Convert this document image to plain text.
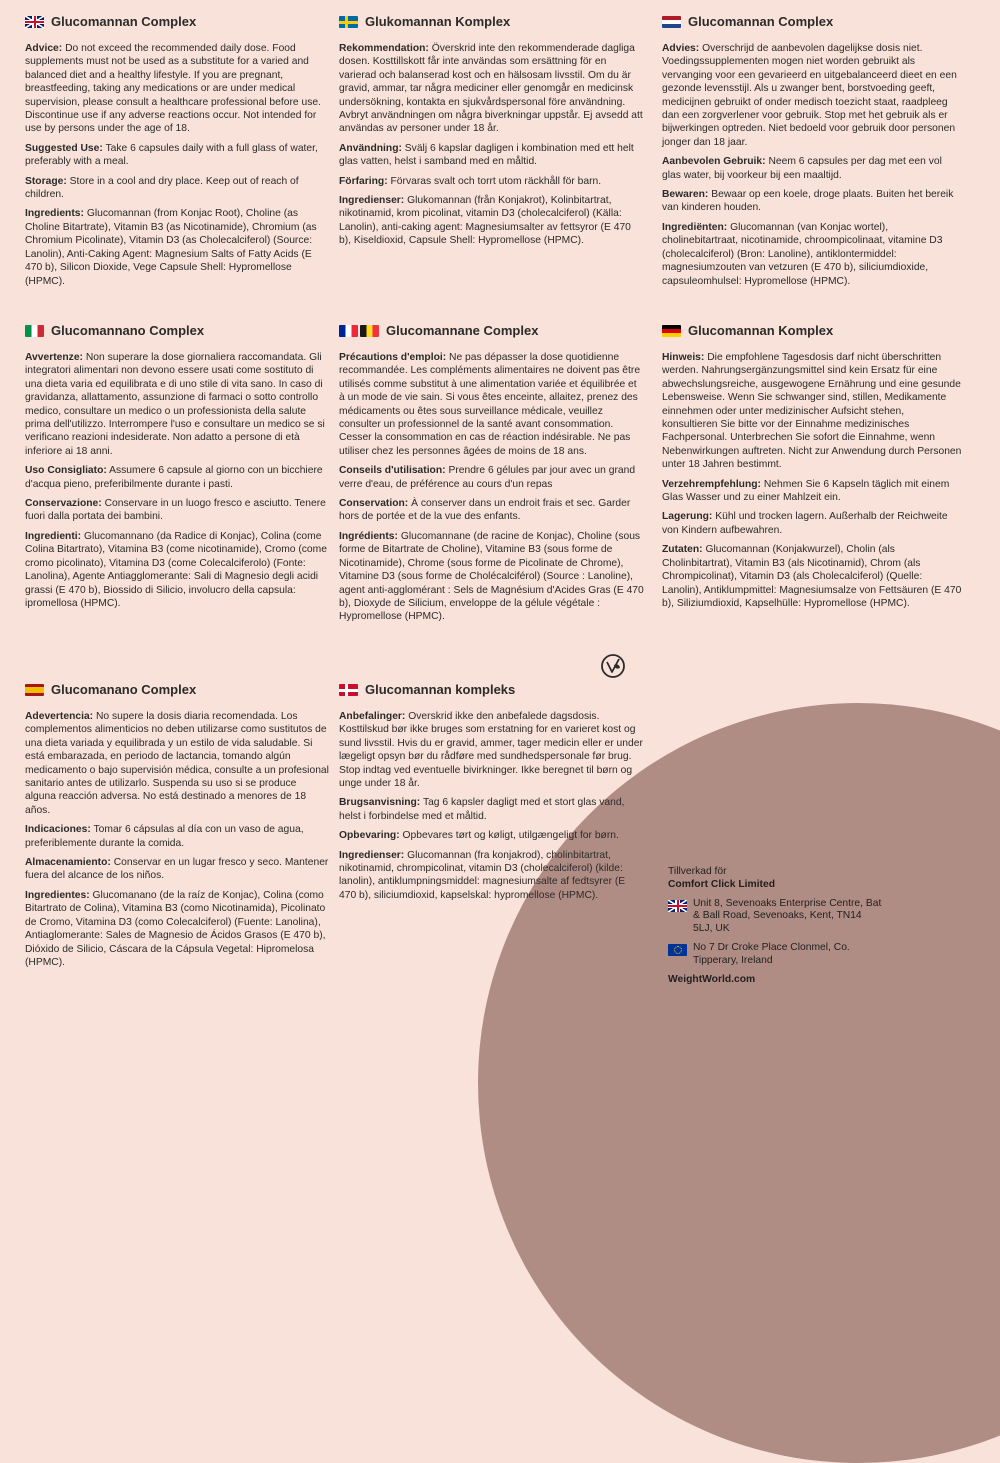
Glucomannan Complex

Advice: Do not exceed the recommended daily dose. Food supplements must not be used as a substitute for a varied and balanced diet and a healthy lifestyle. If you are pregnant, breastfeeding, taking any medications or are under medical supervision, please consult a healthcare professional before use. Discontinue use if any adverse reactions occur. Not intended for use by persons under the age of 18.

Suggested Use: Take 6 capsules daily with a full glass of water, preferably with a meal.

Storage: Store in a cool and dry place. Keep out of reach of children.

Ingredients: Glucomannan (from Konjac Root), Choline (as Choline Bitartrate), Vitamin B3 (as Nicotinamide), Chromium (as Chromium Picolinate), Vitamin D3 (as Cholecalciferol) (Source: Lanolin), Anti-Caking Agent: Magnesium Salts of Fatty Acids (E 470 b), Silicon Dioxide, Vege Capsule Shell: Hypromellose (HPMC).

Glukomannan Komplex

Rekommendation: Överskrid inte den rekommenderade dagliga dosen. Kosttillskott får inte användas som ersättning för en varierad och balanserad kost och en hälsosam livsstil. Om du är gravid, ammar, tar några mediciner eller genomgår en medicinsk undersökning, kontakta en sjukvårdspersonal före användning. Avbryt användningen om några biverkningar uppstår. Ej avsedd att användas av personer under 18 år.

Användning: Svälj 6 kapslar dagligen i kombination med ett helt glas vatten, helst i samband med en måltid.

Förfaring: Förvaras svalt och torrt utom räckhåll för barn.

Ingredienser: Glukomannan (från Konjakrot), Kolinbitartrat, nikotinamid, krom picolinat, vitamin D3 (cholecalciferol) (Källa: Lanolin), anti-caking agent: Magnesiumsalter av fettsyror (E 470 b), Kiseldioxid, Capsule Shell: Hypromellose (HPMC).

Glucomannan Complex

Advies: Overschrijd de aanbevolen dagelijkse dosis niet. Voedingssupplementen mogen niet worden gebruikt als vervanging voor een gevarieerd en uitgebalanceerd dieet en een gezonde levensstijl. Als u zwanger bent, borstvoeding geeft, medicijnen gebruikt of onder medisch toezicht staat, raadpleeg dan een zorgverlener voor gebruik. Stop met het gebruik als er bijwerkingen optreden. Niet bedoeld voor gebruik door personen jonger dan 18 jaar.

Aanbevolen Gebruik: Neem 6 capsules per dag met een vol glas water, bij voorkeur bij een maaltijd.

Bewaren: Bewaar op een koele, droge plaats. Buiten het bereik van kinderen houden.

Ingrediënten: Glucomannan (van Konjac wortel), cholinebitartraat, nicotinamide, chroompicolinaat, vitamine D3 (cholecalciferol) (Bron: Lanoline), antiklontermiddel: magnesiumzouten van vetzuren (E 470 b), siliciumdioxide, capsuleomhulsel: Hypromellose (HPMC).

Glucomannano Complex

Avvertenze: Non superare la dose giornaliera raccomandata. Gli integratori alimentari non devono essere usati come sostituto di una dieta varia ed equilibrata e di uno stile di vita sano. In caso di gravidanza, allattamento, assunzione di farmaci o sotto controllo medico, consultare un medico o un professionista della salute prima dell'utilizzo. Interrompere l'uso e consultare un medico se si verificano reazioni indesiderate. Non adatto a persone di età inferiore ai 18 anni.

Uso Consigliato: Assumere 6 capsule al giorno con un bicchiere d'acqua pieno, preferibilmente durante i pasti.

Conservazione: Conservare in un luogo fresco e asciutto. Tenere fuori dalla portata dei bambini.

Ingredienti: Glucomannano (da Radice di Konjac), Colina (come Colina Bitartrato), Vitamina B3 (come nicotinamide), Cromo (come cromo picolinato), Vitamina D3 (come Colecalciferolo) (Fonte: Lanolina), Agente Antiagglomerante: Sali di Magnesio degli acidi grassi (E 470 b), Biossido di Silicio, involucro della capsula: ipromellosa (HPMC).

Glucomannane Complex

Précautions d'emploi: Ne pas dépasser la dose quotidienne recommandée. Les compléments alimentaires ne doivent pas être utilisés comme substitut à une alimentation variée et équilibrée et à un mode de vie sain. Si vous êtes enceinte, allaitez, prenez des médicaments ou êtes sous surveillance médicale, veuillez consulter un professionnel de la santé avant consommation. Cesser la consommation en cas de réaction indésirable. Ne pas utiliser chez les personnes âgées de moins de 18 ans.

Conseils d'utilisation: Prendre 6 gélules par jour avec un grand verre d'eau, de préférence au cours d'un repas

Conservation: À conserver dans un endroit frais et sec. Garder hors de portée et de la vue des enfants.

Ingrédients: Glucomannane (de racine de Konjac), Choline (sous forme de Bitartrate de Choline), Vitamine B3 (sous forme de Nicotinamide), Chrome (sous forme de Picolinate de Chrome), Vitamine D3 (sous forme de Cholécalciférol) (Source : Lanoline), agent anti-agglomérant : Sels de Magnésium d'Acides Gras (E 470 b), Dioxyde de Silicium, enveloppe de la gélule végétale : Hypromellose (HPMC).

Glucomannan Komplex

Hinweis: Die empfohlene Tagesdosis darf nicht überschritten werden. Nahrungsergänzungsmittel sind kein Ersatz für eine abwechslungsreiche, ausgewogene Ernährung und eine gesunde Lebensweise. Wenn Sie schwanger sind, stillen, Medikamente einnehmen oder unter medizinischer Aufsicht stehen, konsultieren Sie bitte vor der Einnahme medizinisches Fachpersonal. Unterbrechen Sie sofort die Einnahme, wenn Nebenwirkungen auftreten. Nicht zur Anwendung durch Personen unter 18 Jahren bestimmt.

Verzehrempfehlung: Nehmen Sie 6 Kapseln täglich mit einem Glas Wasser und zu einer Mahlzeit ein.

Lagerung: Kühl und trocken lagern. Außerhalb der Reichweite von Kindern aufbewahren.

Zutaten: Glucomannan (Konjakwurzel), Cholin (als Cholinbitartrat), Vitamin B3 (als Nicotinamid), Chrom (als Chrompicolinat), Vitamin D3 (als Cholecalciferol) (Quelle: Lanolin), Antiklumpmittel: Magnesiumsalze von Fettsäuren (E 470 b), Siliziumdioxid, Kapselhülle: Hypromellose (HPMC).

Glucomanano Complex

Adevertencia: No supere la dosis diaria recomendada. Los complementos alimenticios no deben utilizarse como sustitutos de una dieta variada y equilibrada y un estilo de vida saludable. Si está embarazada, en periodo de lactancia, tomando algún medicamento o bajo supervisión médica, consulte a un profesional sanitario antes de utilizarlo. Suspenda su uso si se produce alguna reacción adversa. No está destinado a menores de 18 años.

Indicaciones: Tomar 6 cápsulas al día con un vaso de agua, preferiblemente durante la comida.

Almacenamiento: Conservar en un lugar fresco y seco. Mantener fuera del alcance de los niños.

Ingredientes: Glucomanano (de la raíz de Konjac), Colina (como Bitartrato de Colina), Vitamina B3 (como Nicotinamida), Picolinato de Cromo, Vitamina D3 (como Colecalciferol) (Fuente: Lanolina), Antiaglomerante: Sales de Magnesio de Ácidos Grasos (E 470 b), Dióxido de Silicio, Cáscara de la Cápsula Vegetal: Hipromelosa (HPMC).

Glucomannan kompleks

Anbefalinger: Overskrid ikke den anbefalede dagsdosis. Kosttilskud bør ikke bruges som erstatning for en varieret kost og sund livsstil. Hvis du er gravid, ammer, tager medicin eller er under lægeligt opsyn bør du rådføre med sundhedspersonale før brug. Stop indtag ved eventuelle bivirkninger. Ikke beregnet til børn og unge under 18 år.

Brugsanvisning: Tag 6 kapsler dagligt med et stort glas vand, helst i forbindelse med et måltid.

Opbevaring: Opbevares tørt og køligt, utilgængeligt for børn.

Ingredienser: Glucomannan (fra konjakrod), cholinbitartrat, nikotinamid, chrompicolinat, vitamin D3 (cholecalciferol) (kilde: lanolin), antiklumpningsmiddel: magnesiumsalte af fedtsyrer (E 470 b), siliciumdioxid, kapselskal: hypromellose (HPMC).

Tillverkad för
Comfort Click Limited
Unit 8, Sevenoaks Enterprise Centre, Bat & Ball Road, Sevenoaks, Kent, TN14 5LJ, UK
No 7 Dr Croke Place Clonmel, Co. Tipperary, Ireland
WeightWorld.com
